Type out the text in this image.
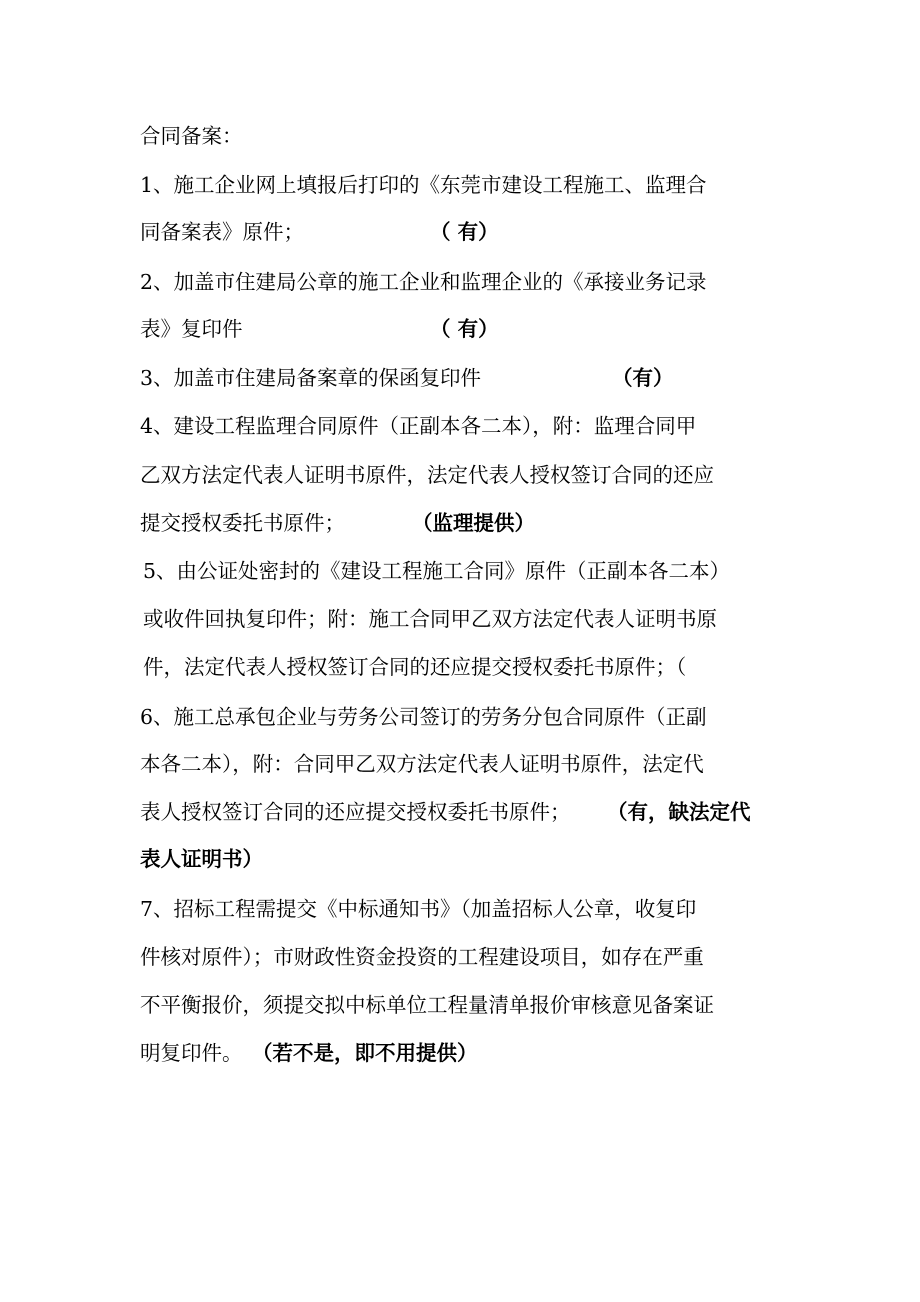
合同备案：
1、施工企业网上填报后打印的《东莞市建设工程施工、监理合
同备案表》原件；	（ 有）
2、加盖市住建局公章的施工企业和监理企业的《承接业务记录
表》复印件	（ 有）
3、加盖市住建局备案章的保函复印件	（有）
4、建设工程监理合同原件（正副本各二本），附：监理合同甲
乙双方法定代表人证明书原件，法定代表人授权签订合同的还应
提交授权委托书原件；	（监理提供）
5、由公证处密封的《建设工程施工合同》原件（正副本各二本）
或收件回执复印件；附：施工合同甲乙双方法定代表人证明书原
件，法定代表人授权签订合同的还应提交授权委托书原件；（
6、施工总承包企业与劳务公司签订的劳务分包合同原件（正副
本各二本），附：合同甲乙双方法定代表人证明书原件，法定代
表人授权签订合同的还应提交授权委托书原件； （有，缺法定代
表人证明书）
7、招标工程需提交《中标通知书》（加盖招标人公章，收复印
件核对原件）；市财政性资金投资的工程建设项目，如存在严重
不平衡报价，须提交拟中标单位工程量清单报价审核意见备案证
明复印件。 （若不是，即不用提供）
